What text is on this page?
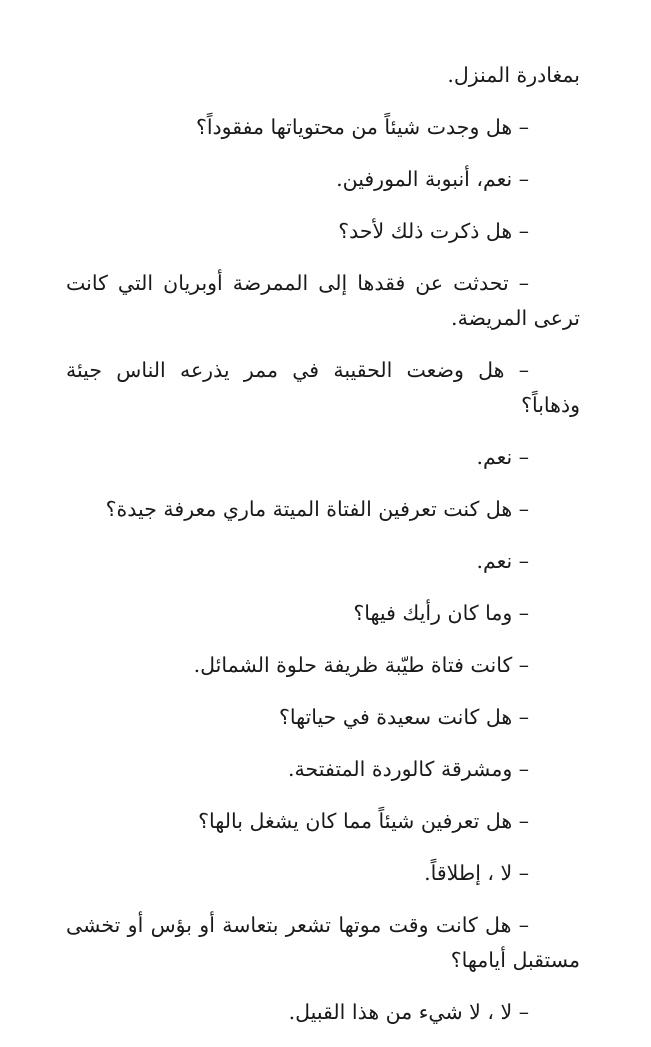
بمغادرة المنزل.

– هل وجدت شيئاً من محتوياتها مفقوداً؟

– نعم، أنبوبة المورفين.

– هل ذكرت ذلك لأحد؟

– تحدثت عن فقدها إلى الممرضة أوبريان التي كانت ترعى المريضة.

– هل وضعت الحقيبة في ممر يذرعه الناس جيئة وذهاباً؟

– نعم.

– هل كنت تعرفين الفتاة الميتة ماري معرفة جيدة؟

– نعم.

– وما كان رأيك فيها؟

– كانت فتاة طيّبة ظريفة حلوة الشمائل.

– هل كانت سعيدة في حياتها؟

– ومشرقة كالوردة المتفتحة.

– هل تعرفين شيئاً مما كان يشغل بالها؟

– لا ، إطلاقاً.

– هل كانت وقت موتها تشعر بتعاسة أو بؤس أو تخشى مستقبل أيامها؟

– لا ، لا شيء من هذا القبيل.
